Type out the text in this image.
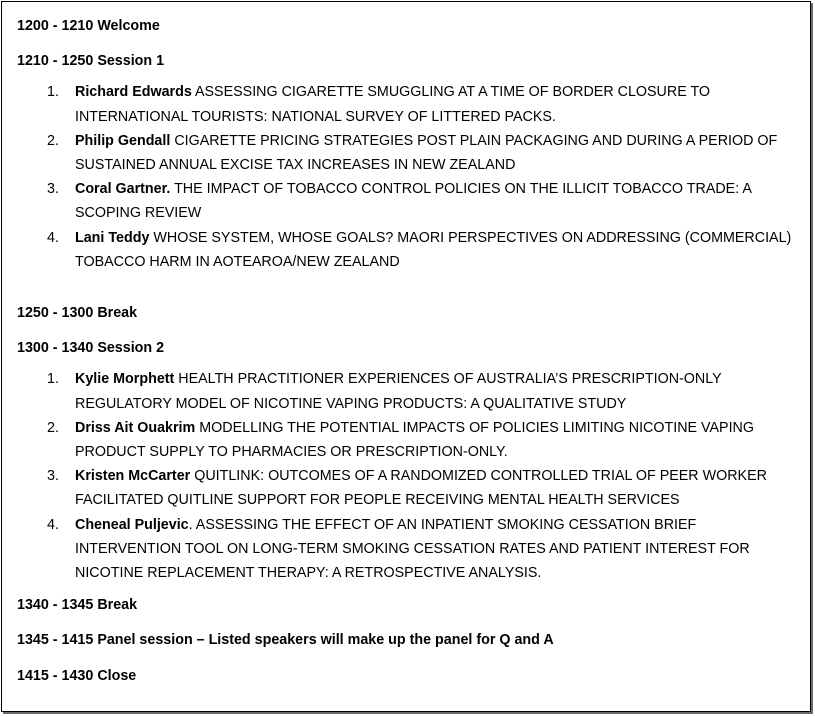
1200 - 1210 Welcome

1210 - 1250 Session 1

1. Richard Edwards ASSESSING CIGARETTE SMUGGLING AT A TIME OF BORDER CLOSURE TO INTERNATIONAL TOURISTS: NATIONAL SURVEY OF LITTERED PACKS.
2. Philip Gendall CIGARETTE PRICING STRATEGIES POST PLAIN PACKAGING AND DURING A PERIOD OF SUSTAINED ANNUAL EXCISE TAX INCREASES IN NEW ZEALAND
3. Coral Gartner. THE IMPACT OF TOBACCO CONTROL POLICIES ON THE ILLICIT TOBACCO TRADE: A SCOPING REVIEW
4. Lani Teddy WHOSE SYSTEM, WHOSE GOALS? MAORI PERSPECTIVES ON ADDRESSING (COMMERCIAL) TOBACCO HARM IN AOTEAROA/NEW ZEALAND

1250 - 1300 Break

1300 - 1340 Session 2

1. Kylie Morphett HEALTH PRACTITIONER EXPERIENCES OF AUSTRALIA’S PRESCRIPTION-ONLY REGULATORY MODEL OF NICOTINE VAPING PRODUCTS: A QUALITATIVE STUDY
2. Driss Ait Ouakrim MODELLING THE POTENTIAL IMPACTS OF POLICIES LIMITING NICOTINE VAPING PRODUCT SUPPLY TO PHARMACIES OR PRESCRIPTION-ONLY.
3. Kristen McCarter QUITLINK: OUTCOMES OF A RANDOMIZED CONTROLLED TRIAL OF PEER WORKER FACILITATED QUITLINE SUPPORT FOR PEOPLE RECEIVING MENTAL HEALTH SERVICES
4. Cheneal Puljevic. ASSESSING THE EFFECT OF AN INPATIENT SMOKING CESSATION BRIEF INTERVENTION TOOL ON LONG-TERM SMOKING CESSATION RATES AND PATIENT INTEREST FOR NICOTINE REPLACEMENT THERAPY: A RETROSPECTIVE ANALYSIS.

1340 - 1345 Break

1345 - 1415 Panel session – Listed speakers will make up the panel for Q and A

1415 - 1430 Close
